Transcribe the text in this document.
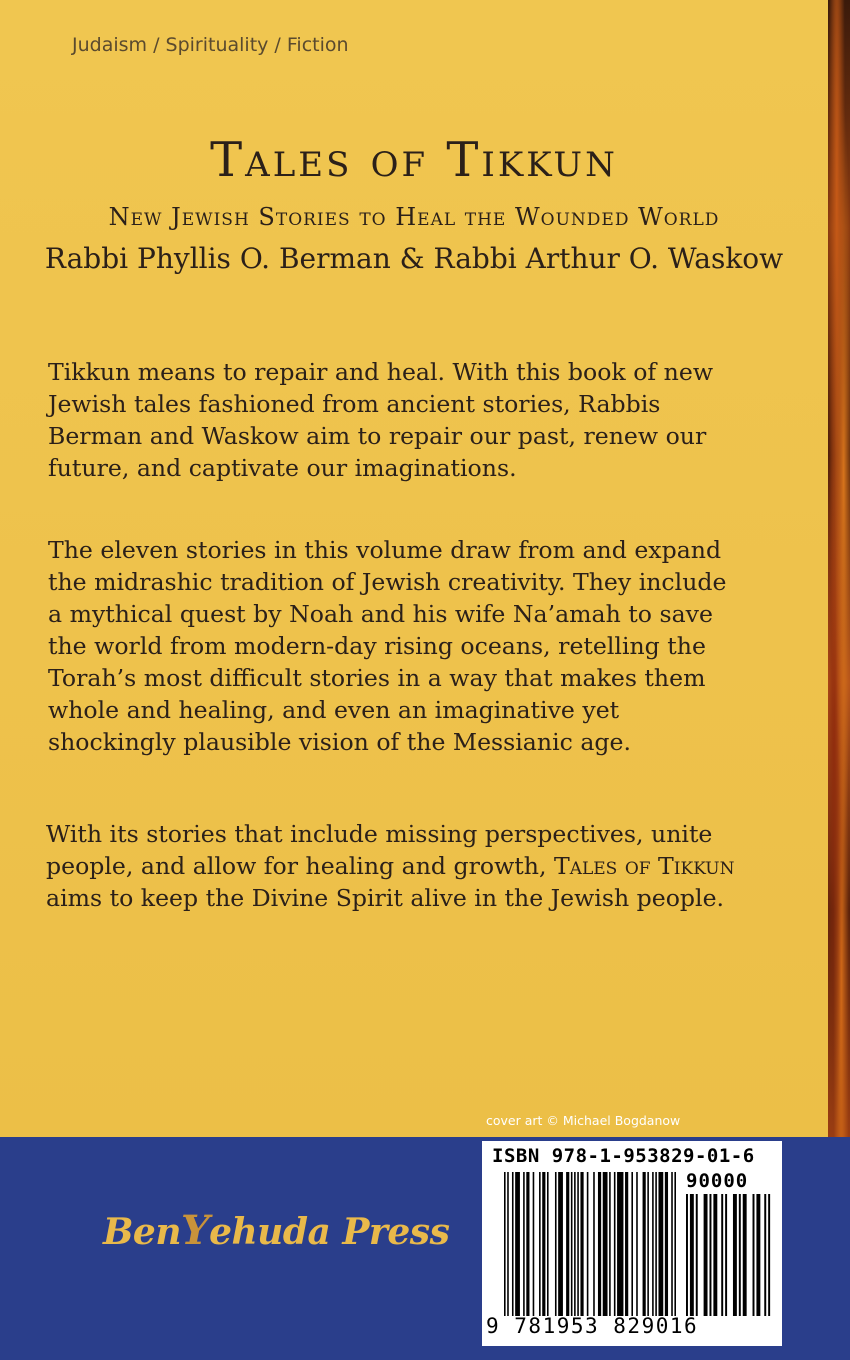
Judaism / Spirituality / Fiction
Tales of Tikkun
New Jewish Stories to Heal the Wounded World
Rabbi Phyllis O. Berman & Rabbi Arthur O. Waskow

Tikkun means to repair and heal. With this book of new Jewish tales fashioned from ancient stories, Rabbis Berman and Waskow aim to repair our past, renew our future, and captivate our imaginations.

The eleven stories in this volume draw from and expand the midrashic tradition of Jewish creativity. They include a mythical quest by Noah and his wife Na’amah to save the world from modern-day rising oceans, retelling the Torah’s most difficult stories in a way that makes them whole and healing, and even an imaginative yet shockingly plausible vision of the Messianic age.

With its stories that include missing perspectives, unite people, and allow for healing and growth, Tales of Tikkun aims to keep the Divine Spirit alive in the Jewish people.

cover art © Michael Bogdanow
BenYehuda Press
ISBN 978-1-953829-01-6
90000
9 781953 829016
